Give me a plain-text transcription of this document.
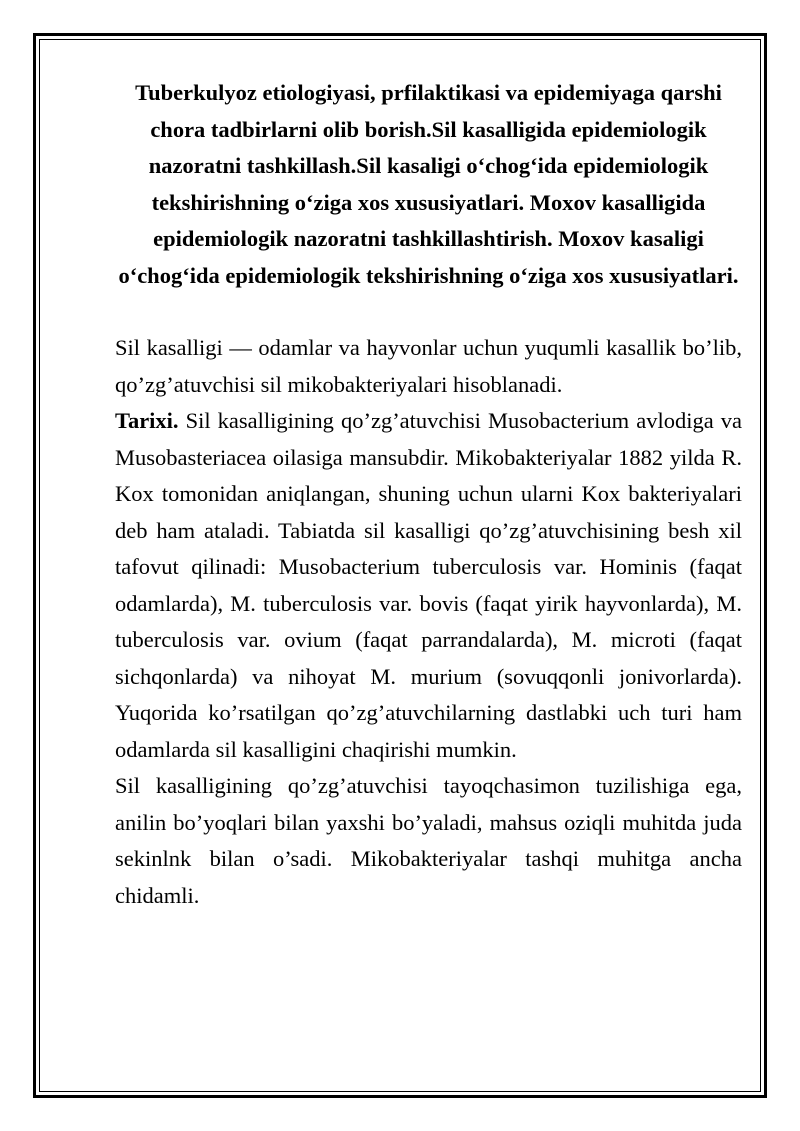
Tuberkulyoz etiologiyasi, prfilaktikasi va epidemiyaga qarshi chora tadbirlarni olib borish.Sil kasalligida epidemiologik nazoratni tashkillash.Sil kasaligi o‘chog‘ida epidemiologik tekshirishning o‘ziga xos xususiyatlari. Moxov kasalligida epidemiologik nazoratni tashkillashtirish. Moxov kasaligi o‘chog‘ida epidemiologik tekshirishning o‘ziga xos xususiyatlari.

Sil kasalligi — odamlar va hayvonlar uchun yuqumli kasallik bo’lib, qo’zg’atuvchisi sil mikobakteriyalari hisoblanadi.

Tarixi. Sil kasalligining qo’zg’atuvchisi Musobacterium avlodiga va Musobasteriacea oilasiga mansubdir. Mikobakteriyalar 1882 yilda R. Kox tomonidan aniqlangan, shuning uchun ularni Kox bakteriyalari deb ham ataladi. Tabiatda sil kasalligi qo’zg’atuvchisining besh xil tafovut qilinadi: Musobacterium tuberculosis var. Hominis (faqat odamlarda), M. tuberculosis var. bovis (faqat yirik hayvonlarda), M. tuberculosis var. ovium (faqat parrandalarda), M. microti (faqat sichqonlarda) va nihoyat M. murium (sovuqqonli jonivorlarda). Yuqorida ko’rsatilgan qo’zg’atuvchilarning dastlabki uch turi ham odamlarda sil kasalligini chaqirishi mumkin.

Sil kasalligining qo’zg’atuvchisi tayoqchasimon tuzilishiga ega, anilin bo’yoqlari bilan yaxshi bo’yaladi, mahsus oziqli muhitda juda sekinlnk bilan o’sadi. Mikobakteriyalar tashqi muhitga ancha chidamli.
